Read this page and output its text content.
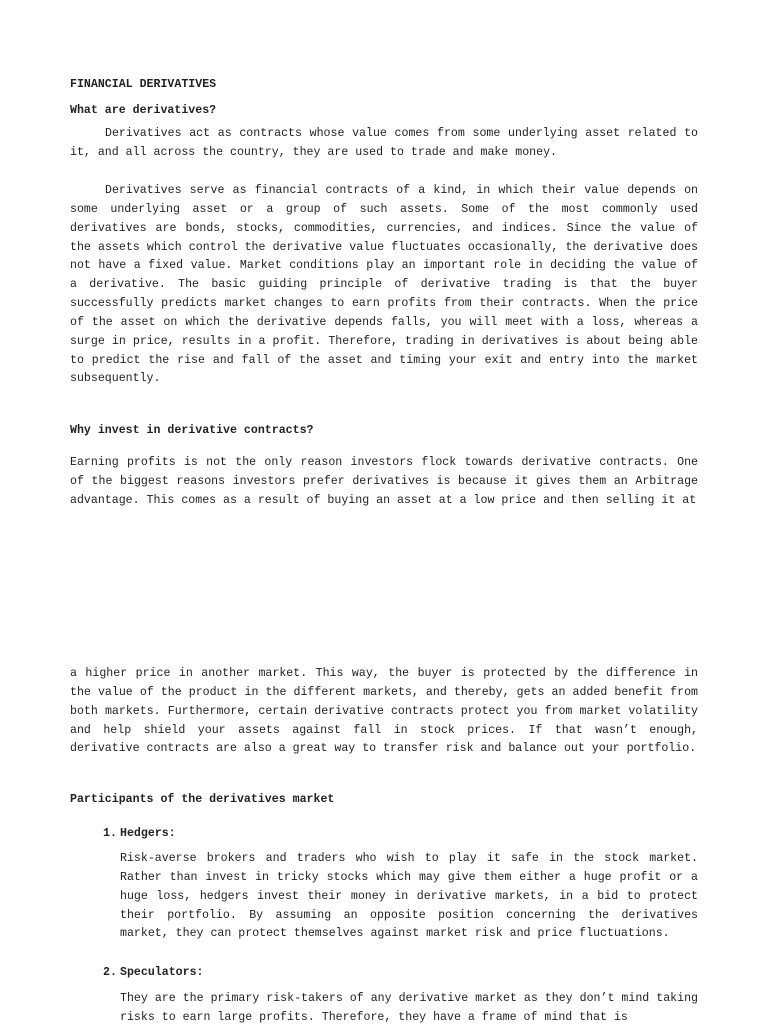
FINANCIAL DERIVATIVES
What are derivatives?

Derivatives act as contracts whose value comes from some underlying asset related to it, and all across the country, they are used to trade and make money.

Derivatives serve as financial contracts of a kind, in which their value depends on some underlying asset or a group of such assets. Some of the most commonly used derivatives are bonds, stocks, commodities, currencies, and indices. Since the value of the assets which control the derivative value fluctuates occasionally, the derivative does not have a fixed value. Market conditions play an important role in deciding the value of a derivative. The basic guiding principle of derivative trading is that the buyer successfully predicts market changes to earn profits from their contracts. When the price of the asset on which the derivative depends falls, you will meet with a loss, whereas a surge in price, results in a profit. Therefore, trading in derivatives is about being able to predict the rise and fall of the asset and timing your exit and entry into the market subsequently.

Why invest in derivative contracts?

Earning profits is not the only reason investors flock towards derivative contracts. One of the biggest reasons investors prefer derivatives is because it gives them an Arbitrage advantage. This comes as a result of buying an asset at a low price and then selling it at

a higher price in another market. This way, the buyer is protected by the difference in the value of the product in the different markets, and thereby, gets an added benefit from both markets. Furthermore, certain derivative contracts protect you from market volatility and help shield your assets against fall in stock prices. If that wasn’t enough, derivative contracts are also a great way to transfer risk and balance out your portfolio.

Participants of the derivatives market
1. Hedgers:

Risk-averse brokers and traders who wish to play it safe in the stock market. Rather than invest in tricky stocks which may give them either a huge profit or a huge loss, hedgers invest their money in derivative markets, in a bid to protect their portfolio. By assuming an opposite position concerning the derivatives market, they can protect themselves against market risk and price fluctuations.

2. Speculators:

They are the primary risk-takers of any derivative market as they don’t mind taking risks to earn large profits. Therefore, they have a frame of mind that is
